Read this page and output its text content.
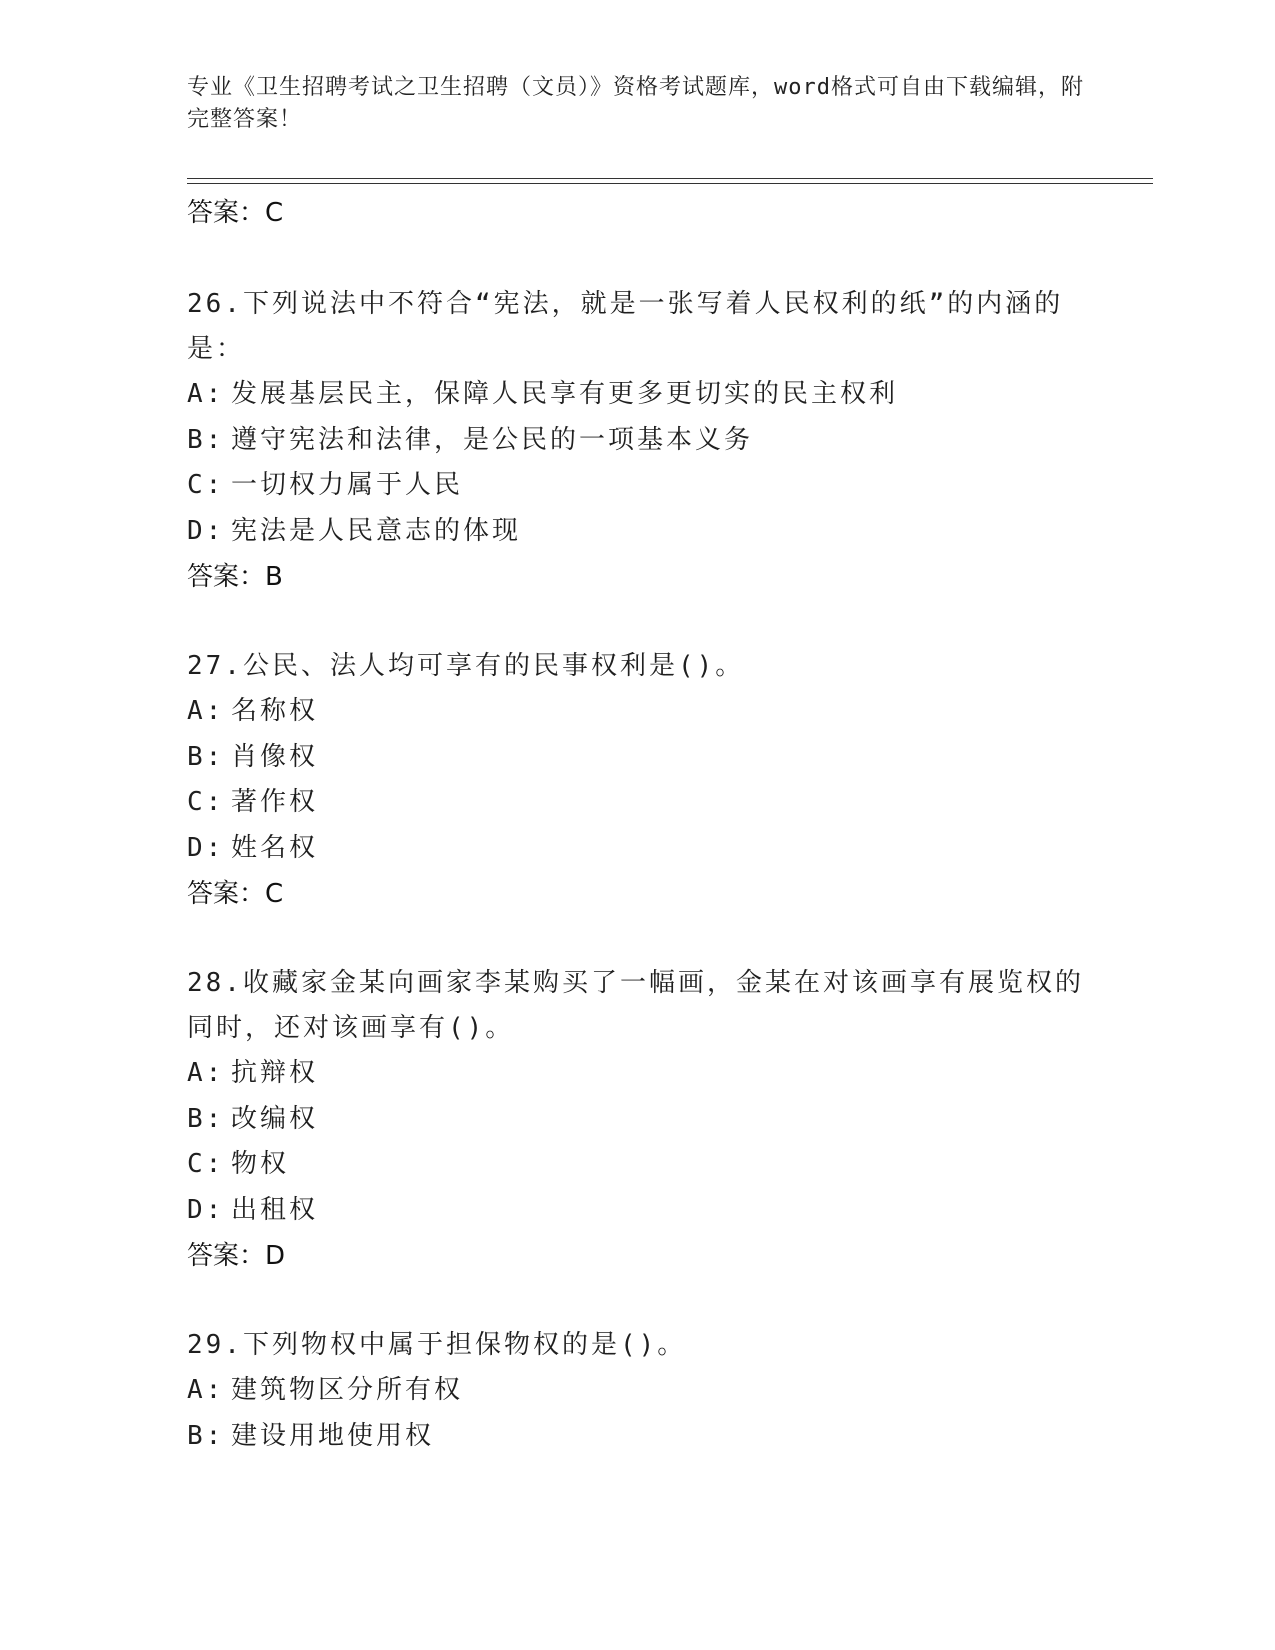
专业《卫生招聘考试之卫生招聘（文员）》资格考试题库，word格式可自由下载编辑，附完整答案！
答案：C
26.下列说法中不符合“宪法，就是一张写着人民权利的纸”的内涵的是：
A: 发展基层民主，保障人民享有更多更切实的民主权利
B: 遵守宪法和法律，是公民的一项基本义务
C: 一切权力属于人民
D: 宪法是人民意志的体现
答案：B
27.公民、法人均可享有的民事权利是()。
A: 名称权
B: 肖像权
C: 著作权
D: 姓名权
答案：C
28.收藏家金某向画家李某购买了一幅画，金某在对该画享有展览权的同时，还对该画享有()。
A: 抗辩权
B: 改编权
C: 物权
D: 出租权
答案：D
29.下列物权中属于担保物权的是()。
A: 建筑物区分所有权
B: 建设用地使用权
